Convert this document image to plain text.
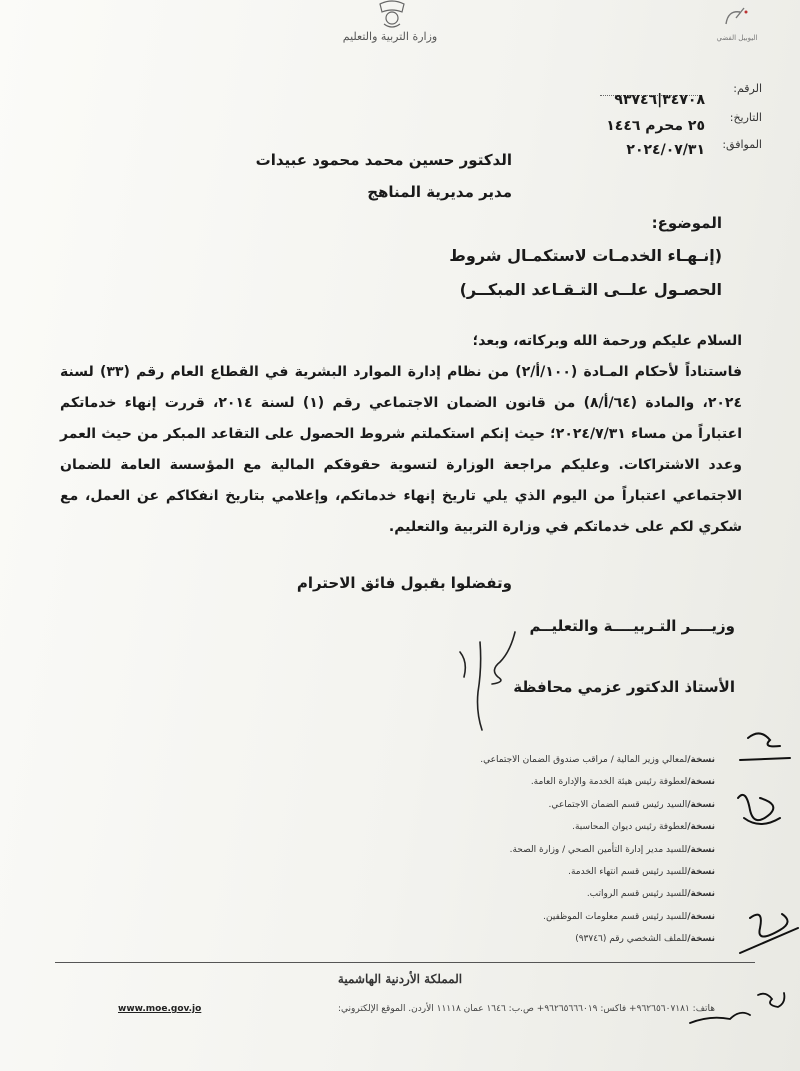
وزارة التربية والتعليم	اليوبيل الفضي
الرقم:
٣٤٧٠٨|٩٣٧٤٦
التاريخ:
٢٥ محرم ١٤٤٦
الموافق:
٢٠٢٤/٠٧/٣١
الدكتور حسين محمد محمود عبيدات
مدير مديرية المناهج
الموضوع:
(إنـهـاء الخدمـات لاستكمـال شروط
الحصـول علــى التـقـاعد المبكــر)

السلام عليكم ورحمة الله وبركاته، وبعد؛

فاستناداً لأحكام المـادة (١٠٠/أ/٢) من نظام إدارة الموارد البشرية في القطاع العام رقم (٣٣) لسنة ٢٠٢٤، والمادة (٦٤/أ/٨) من قانون الضمان الاجتماعي رقم (١) لسنة ٢٠١٤، قررت إنهاء خدماتكم اعتباراً من مساء ٢٠٢٤/٧/٣١؛ حيث إنكم استكملتم شروط الحصول على التقاعد المبكر من حيث العمر وعدد الاشتراكات. وعليكم مراجعة الوزارة لتسوية حقوقكم المالية مع المؤسسة العامة للضمان الاجتماعي اعتباراً من اليوم الذي يلي تاريخ إنهاء خدماتكم، وإعلامي بتاريخ انفكاكم عن العمل، مع شكري لكم على خدماتكم في وزارة التربية والتعليم.

وتفضلوا بقبول فائق الاحترام
وزيــــر التـربيــــة والتعليــم
الأستاذ الدكتور عزمي محافظة
نسخة/لمعالي وزير المالية / مراقب صندوق الضمان الاجتماعي.
نسخة/لعطوفة رئيس هيئة الخدمة والإدارة العامة.
نسخة/السيد رئيس قسم الضمان الاجتماعي.
نسخة/لعطوفة رئيس ديوان المحاسبة.
نسخة/للسيد مدير إدارة التأمين الصحي / وزارة الصحة.
نسخة/للسيد رئيس قسم انتهاء الخدمة.
نسخة/للسيد رئيس قسم الرواتب.
نسخة/للسيد رئيس قسم معلومات الموظفين.
نسخة/للملف الشخصي رقم (٩٣٧٤٦)
المملكة الأردنية الهاشمية
هاتف: ٩٦٢٦٥٦٠٧١٨١+ فاكس: ٩٦٢٦٥٦٦٦٠١٩+ ص.ب: ١٦٤٦ عمان ١١١١٨ الأردن. الموقع الإلكتروني:
www.moe.gov.jo
